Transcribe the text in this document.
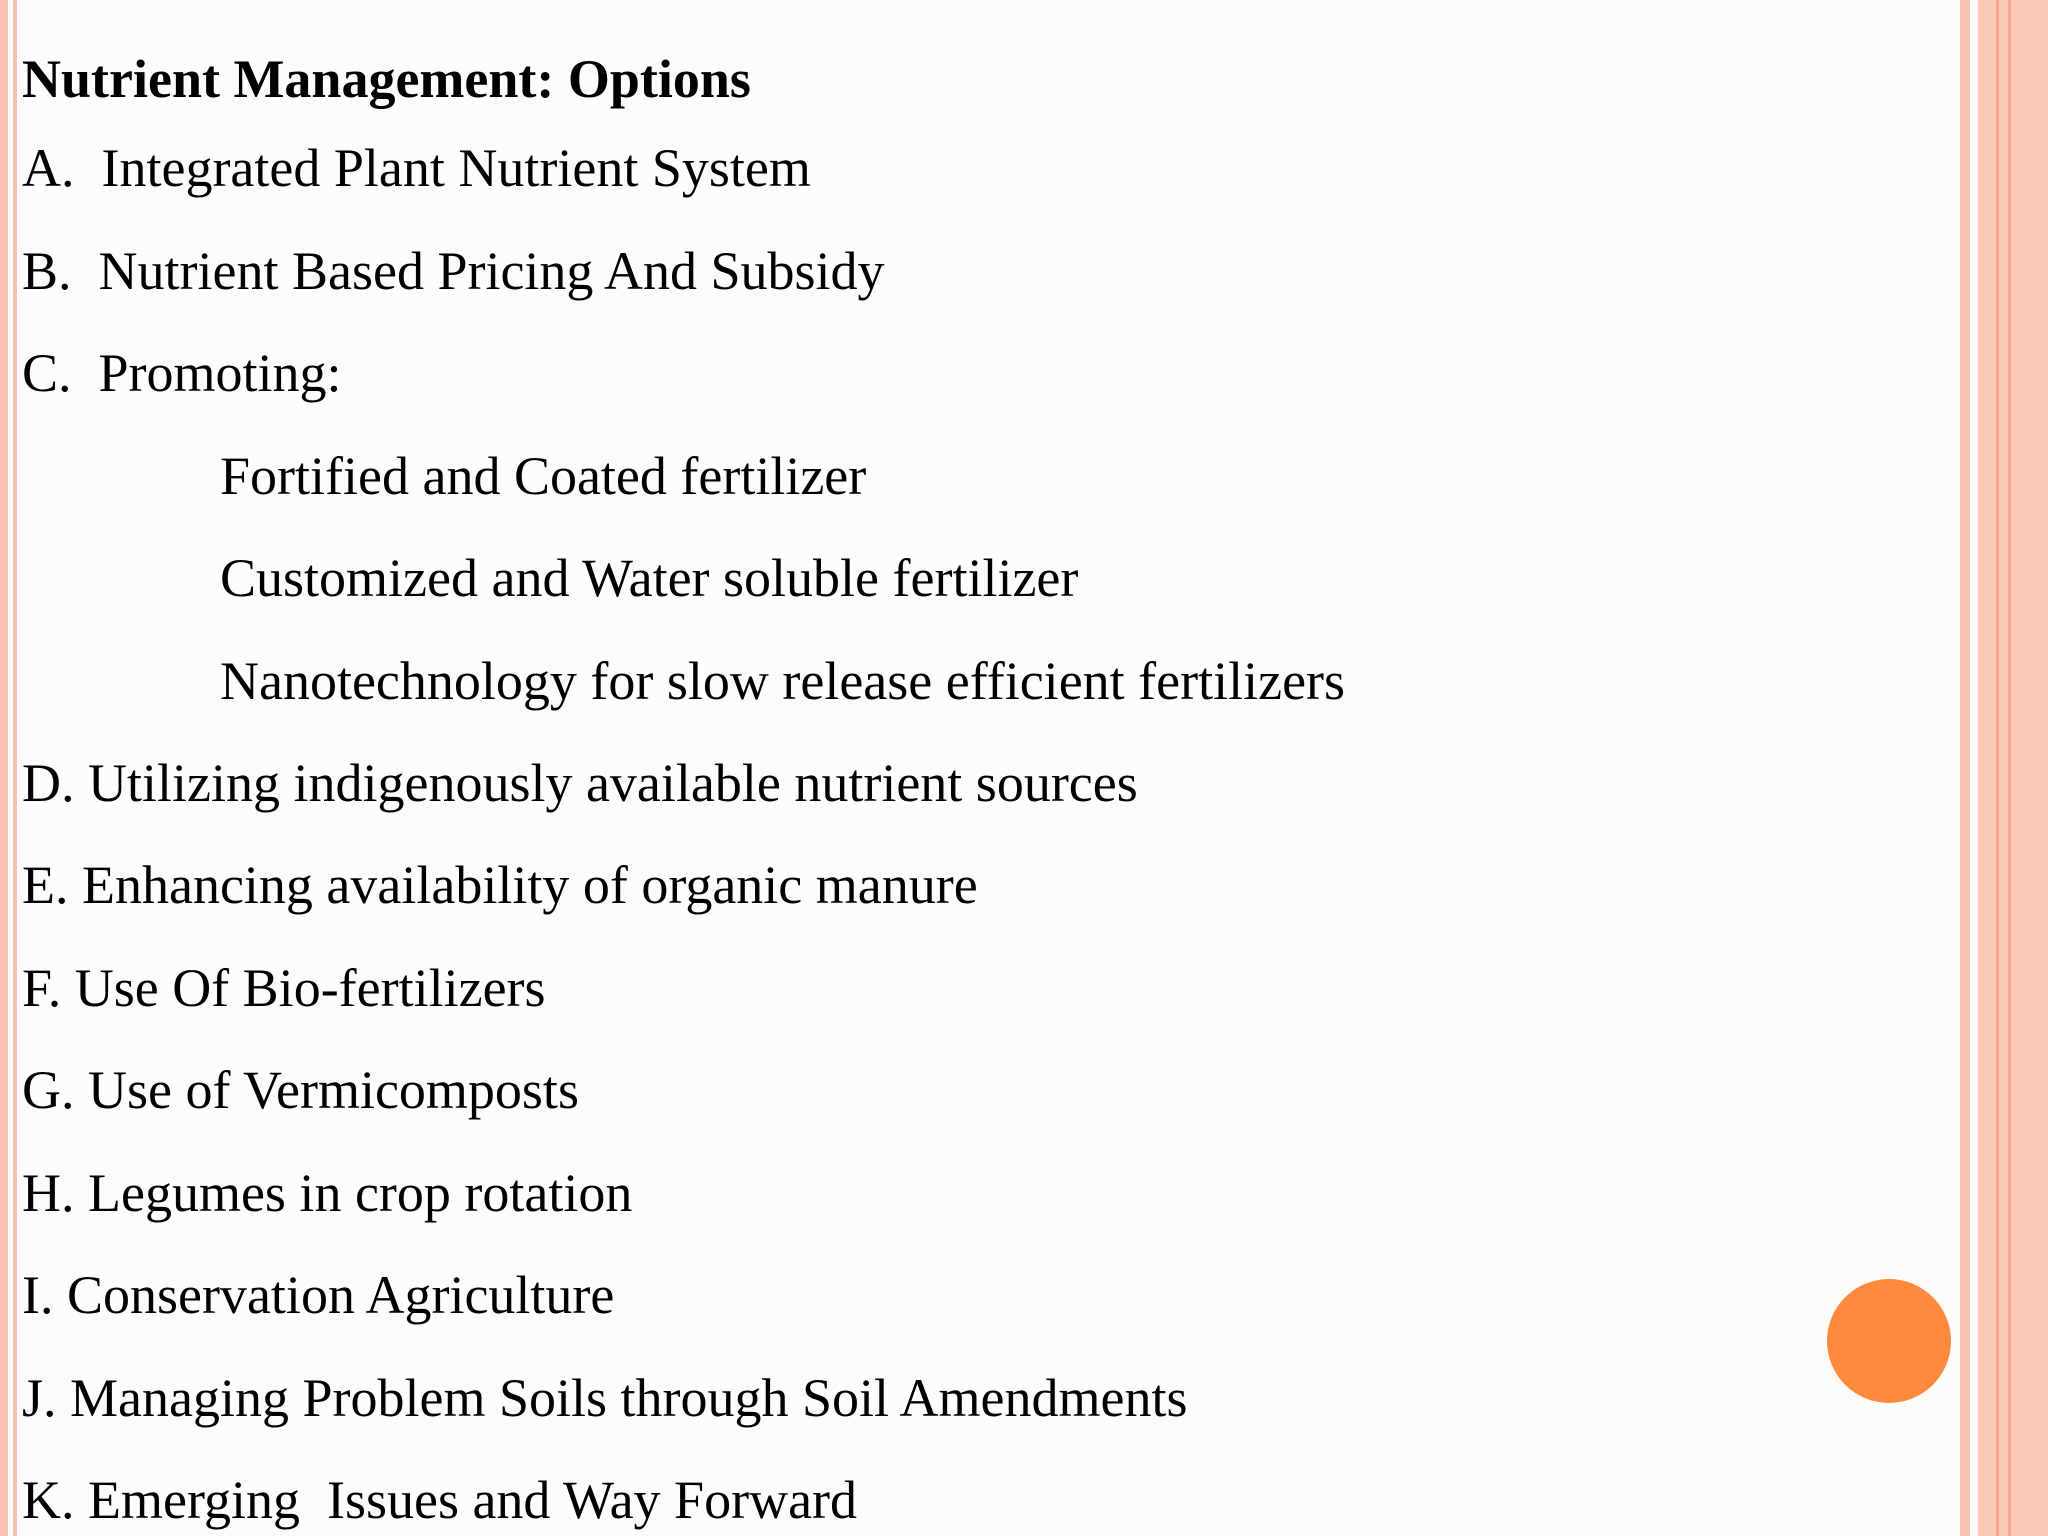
Nutrient Management: Options
A.  Integrated Plant Nutrient System
B.  Nutrient Based Pricing And Subsidy
C.  Promoting:
Fortified and Coated fertilizer
Customized and Water soluble fertilizer
Nanotechnology for slow release efficient fertilizers
D. Utilizing indigenously available nutrient sources
E. Enhancing availability of organic manure
F. Use Of Bio-fertilizers
G. Use of Vermicomposts
H. Legumes in crop rotation
I. Conservation Agriculture
J. Managing Problem Soils through Soil Amendments
K. Emerging  Issues and Way Forward
